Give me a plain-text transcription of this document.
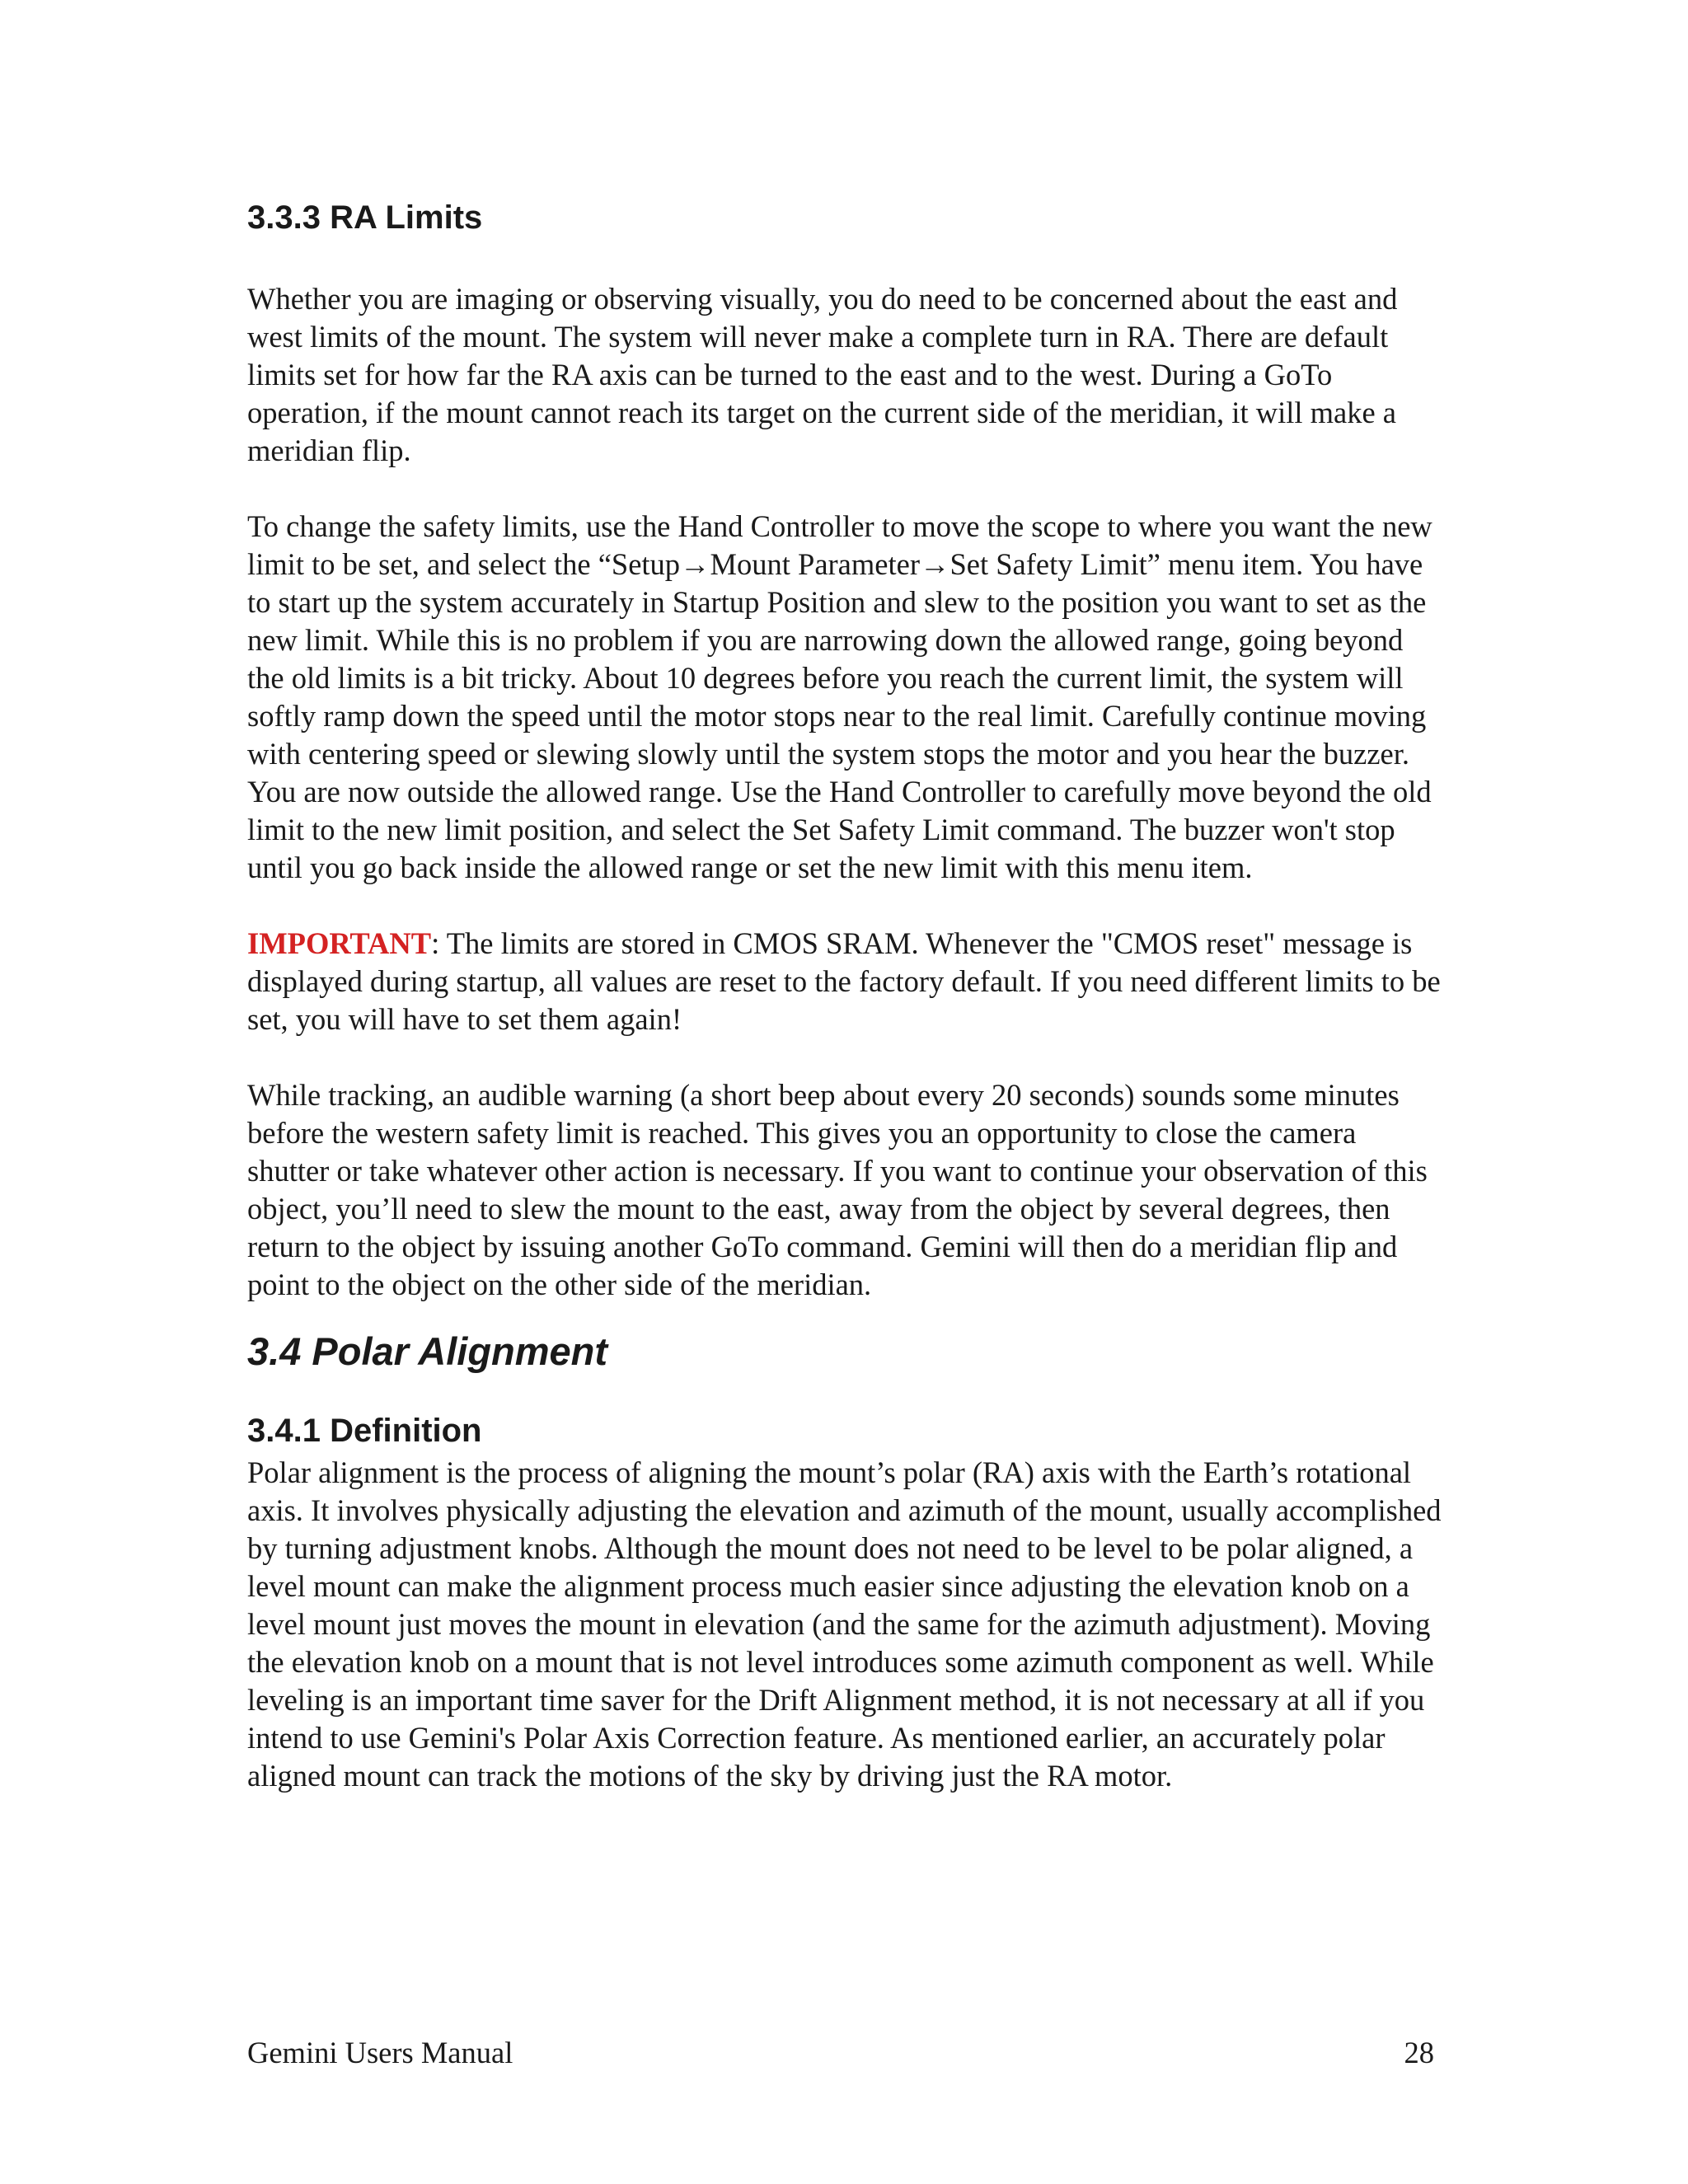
3.3.3 RA Limits

Whether you are imaging or observing visually, you do need to be concerned about the east and west limits of the mount. The system will never make a complete turn in RA. There are default limits set for how far the RA axis can be turned to the east and to the west. During a GoTo operation, if the mount cannot reach its target on the current side of the meridian, it will make a meridian flip.

To change the safety limits, use the Hand Controller to move the scope to where you want the new limit to be set, and select the “Setup→Mount Parameter→Set Safety Limit” menu item. You have to start up the system accurately in Startup Position and slew to the position you want to set as the new limit. While this is no problem if you are narrowing down the allowed range, going beyond the old limits is a bit tricky. About 10 degrees before you reach the current limit, the system will softly ramp down the speed until the motor stops near to the real limit. Carefully continue moving with centering speed or slewing slowly until the system stops the motor and you hear the buzzer. You are now outside the allowed range. Use the Hand Controller to carefully move beyond the old limit to the new limit position, and select the Set Safety Limit command. The buzzer won't stop until you go back inside the allowed range or set the new limit with this menu item.

IMPORTANT: The limits are stored in CMOS SRAM. Whenever the "CMOS reset" message is displayed during startup, all values are reset to the factory default. If you need different limits to be set, you will have to set them again!

While tracking, an audible warning (a short beep about every 20 seconds) sounds some minutes before the western safety limit is reached. This gives you an opportunity to close the camera shutter or take whatever other action is necessary. If you want to continue your observation of this object, you’ll need to slew the mount to the east, away from the object by several degrees, then return to the object by issuing another GoTo command. Gemini will then do a meridian flip and point to the object on the other side of the meridian.

3.4 Polar Alignment
3.4.1 Definition

Polar alignment is the process of aligning the mount’s polar (RA) axis with the Earth’s rotational axis. It involves physically adjusting the elevation and azimuth of the mount, usually accomplished by turning adjustment knobs. Although the mount does not need to be level to be polar aligned, a level mount can make the alignment process much easier since adjusting the elevation knob on a level mount just moves the mount in elevation (and the same for the azimuth adjustment). Moving the elevation knob on a mount that is not level introduces some azimuth component as well. While leveling is an important time saver for the Drift Alignment method, it is not necessary at all if you intend to use Gemini's Polar Axis Correction feature. As mentioned earlier, an accurately polar aligned mount can track the motions of the sky by driving just the RA motor.

Gemini Users Manual	28
